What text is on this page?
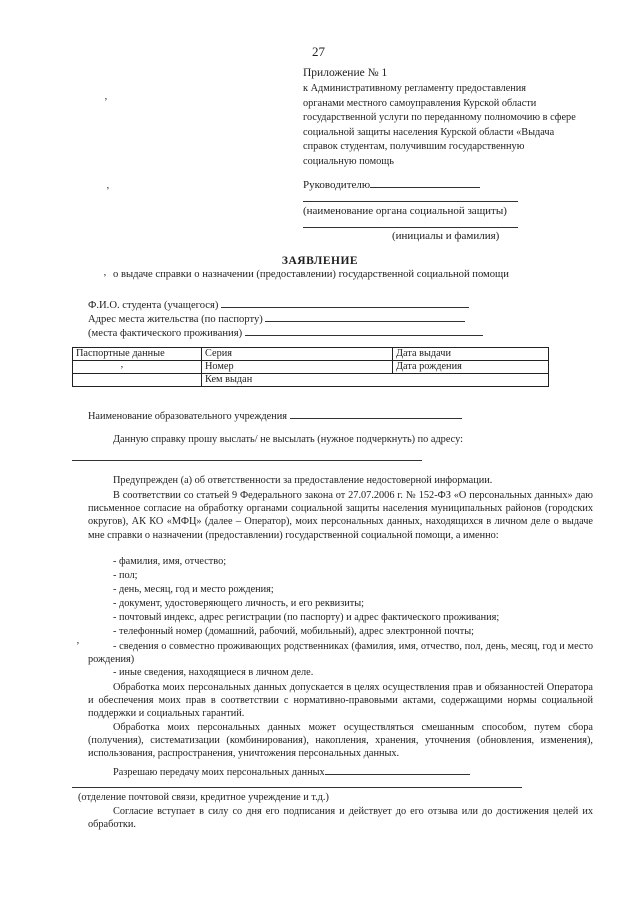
27
Приложение № 1
к Административному регламенту предоставления
органами местного самоуправления Курской области
государственной услуги по переданному полномочию в сфере
социальной защиты населения Курской области «Выдача
справок студентам, получившим государственную
социальную помощь
Руководителю
(наименование органа социальной защиты)
(инициалы и фамилия)
ЗАЯВЛЕНИЕ
о выдаче справки о назначении (предоставлении) государственной социальной помощи
Ф.И.О. студента (учащегося)
Адрес места жительства (по паспорту)
(места фактического проживания)
Паспортные данные	Серия	Дата выдачи
	Номер	Дата рождения
	Кем выдан	
Наименование образовательного учреждения
Данную справку прошу выслать/ не высылать (нужное подчеркнуть) по адресу:
Предупрежден (а) об ответственности за предоставление недостоверной информации.
В соответствии со статьей 9 Федерального закона от 27.07.2006 г. № 152-ФЗ «О персональных данных» даю письменное согласие на обработку органами социальной защиты населения муниципальных районов (городских округов), АК КО «МФЦ» (далее – Оператор), моих персональных данных, находящихся в личном деле о выдаче мне справки о назначении (предоставлении) государственной социальной помощи, а именно:
- фамилия, имя, отчество;
- пол;
- день, месяц, год и место рождения;
- документ, удостоверяющего личность, и его реквизиты;
- почтовый индекс, адрес регистрации (по паспорту) и адрес фактического проживания;
- телефонный номер (домашний, рабочий, мобильный), адрес электронной почты;
- сведения о совместно проживающих родственниках (фамилия, имя, отчество, пол, день, месяц, год и место рождения)
- иные сведения, находящиеся в личном деле.
Обработка моих персональных данных допускается в целях осуществления прав и обязанностей Оператора и обеспечения моих прав в соответствии с нормативно-правовыми актами, содержащими нормы социальной поддержки и социальных гарантий.
Обработка моих персональных данных может осуществляться смешанным способом, путем сбора (получения), систематизации (комбинирования), накопления, хранения, уточнения (обновления, изменения), использования, распространения, уничтожения персональных данных.
Разрешаю передачу моих персональных данных
(отделение почтовой связи, кредитное учреждение и т.д.)
Согласие вступает в силу со дня его подписания и действует до его отзыва или до достижения целей их обработки.
ʼ
ʼ
ʼ
ʼ
ʼ
